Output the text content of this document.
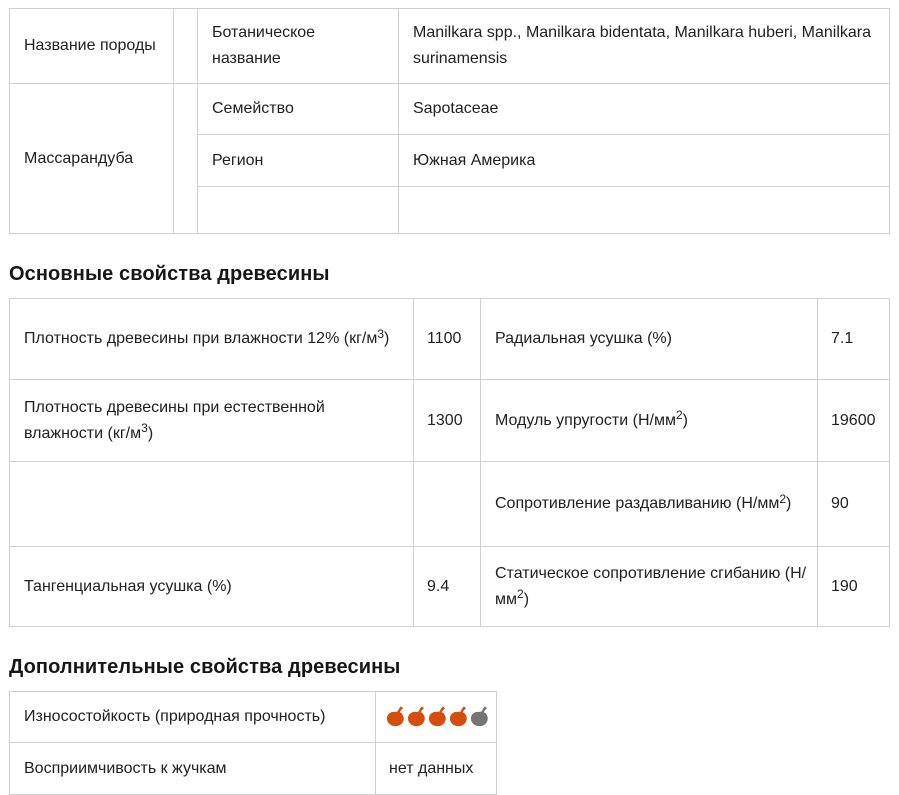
Название породы		Ботаническое название	Manilkara spp., Manilkara bidentata, Manilkara huberi, Manilkara surinamensis
Массарандуба		Семейство	Sapotaceae
		Регион	Южная Америка

Основные свойства древесины
Плотность древесины при влажности 12% $(кг/м^3)$	1100	Радиальная усушка (%)	7.1
Плотность древесины при естественной влажности $(кг/м^3)$	1300	Модуль упругости $(Н/мм^2)$	19600
		Сопротивление раздавливанию $(Н/мм^2)$	90
Тангенциальная усушка (%)	9.4	Статическое сопротивление сгибанию $(Н/мм^2)$	190
Дополнительные свойства древесины
Износостойкость (природная прочность)	

Восприимчивость к жучкам	нет данных
